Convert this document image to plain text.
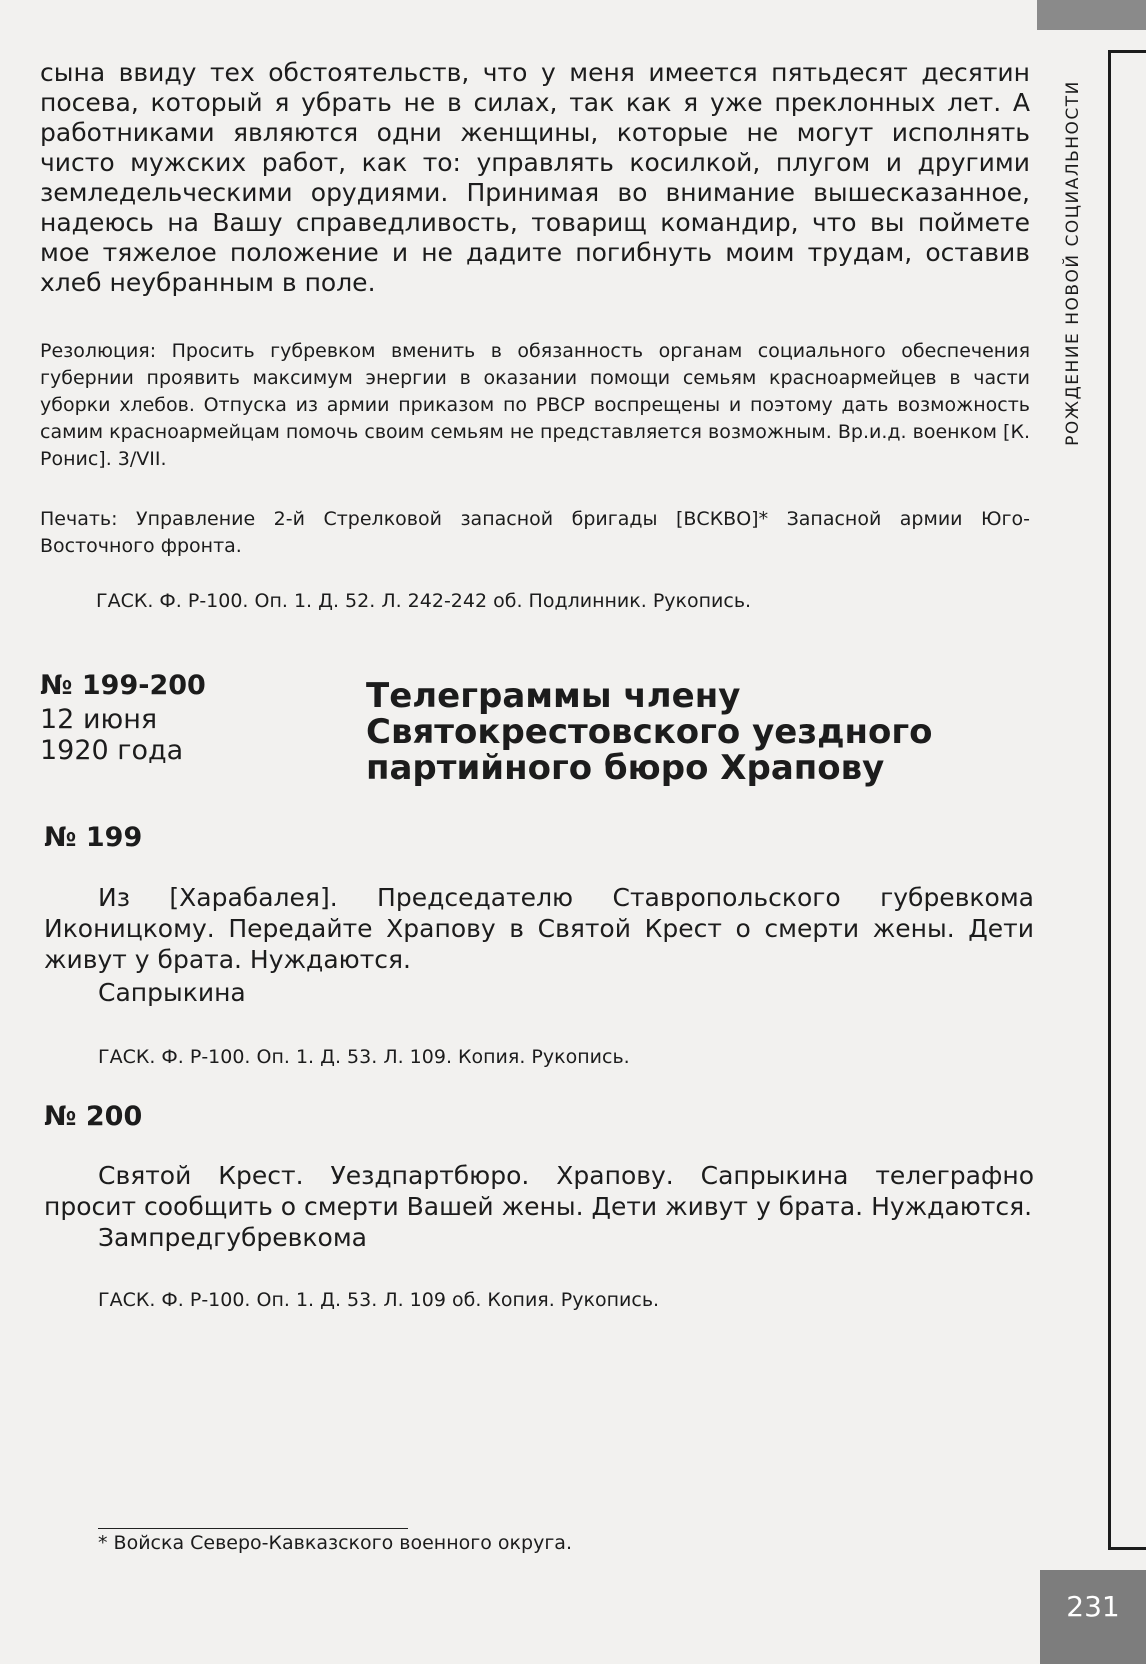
РОЖДЕНИЕ НОВОЙ СОЦИАЛЬНОСТИ

сына ввиду тех обстоятельств, что у меня имеется пятьдесят десятин посева, который я убрать не в силах, так как я уже преклонных лет. А работниками являются одни женщины, которые не могут исполнять чисто мужских работ, как то: управлять косилкой, плугом и другими земледельческими орудиями. Принимая во внимание вышесказанное, надеюсь на Вашу справедливость, товарищ командир, что вы поймете мое тяжелое положение и не дадите погибнуть моим трудам, оставив хлеб неубранным в поле.

Резолюция: Просить губревком вменить в обязанность органам социального обеспечения губернии проявить максимум энергии в оказании помощи семьям красноармейцев в части уборки хлебов. Отпуска из армии приказом по РВСР воспрещены и поэтому дать возможность самим красноармейцам помочь своим семьям не представляется возможным. Вр.и.д. военком [К. Ронис]. 3/VII.

Печать: Управление 2-й Стрелковой запасной бригады [ВСКВО]* Запасной армии Юго-Восточного фронта.

ГАСК. Ф. Р-100. Оп. 1. Д. 52. Л. 242-242 об. Подлинник. Рукопись.

№ 199-200
12 июня
1920 года
Телеграммы члену Святокрестовского уездного партийного бюро Храпову
№ 199

Из [Харабалея]. Председателю Ставропольского губревкома Иконицкому. Передайте Храпову в Святой Крест о смерти жены. Дети живут у брата. Нуждаются.

Сапрыкина

ГАСК. Ф. Р-100. Оп. 1. Д. 53. Л. 109. Копия. Рукопись.

№ 200

Святой Крест. Уездпартбюро. Храпову. Сапрыкина телеграфно просит сообщить о смерти Вашей жены. Дети живут у брата. Нуждаются.

Зампредгубревкома

ГАСК. Ф. Р-100. Оп. 1. Д. 53. Л. 109 об. Копия. Рукопись.

* Войска Северо-Кавказского военного округа.
231
